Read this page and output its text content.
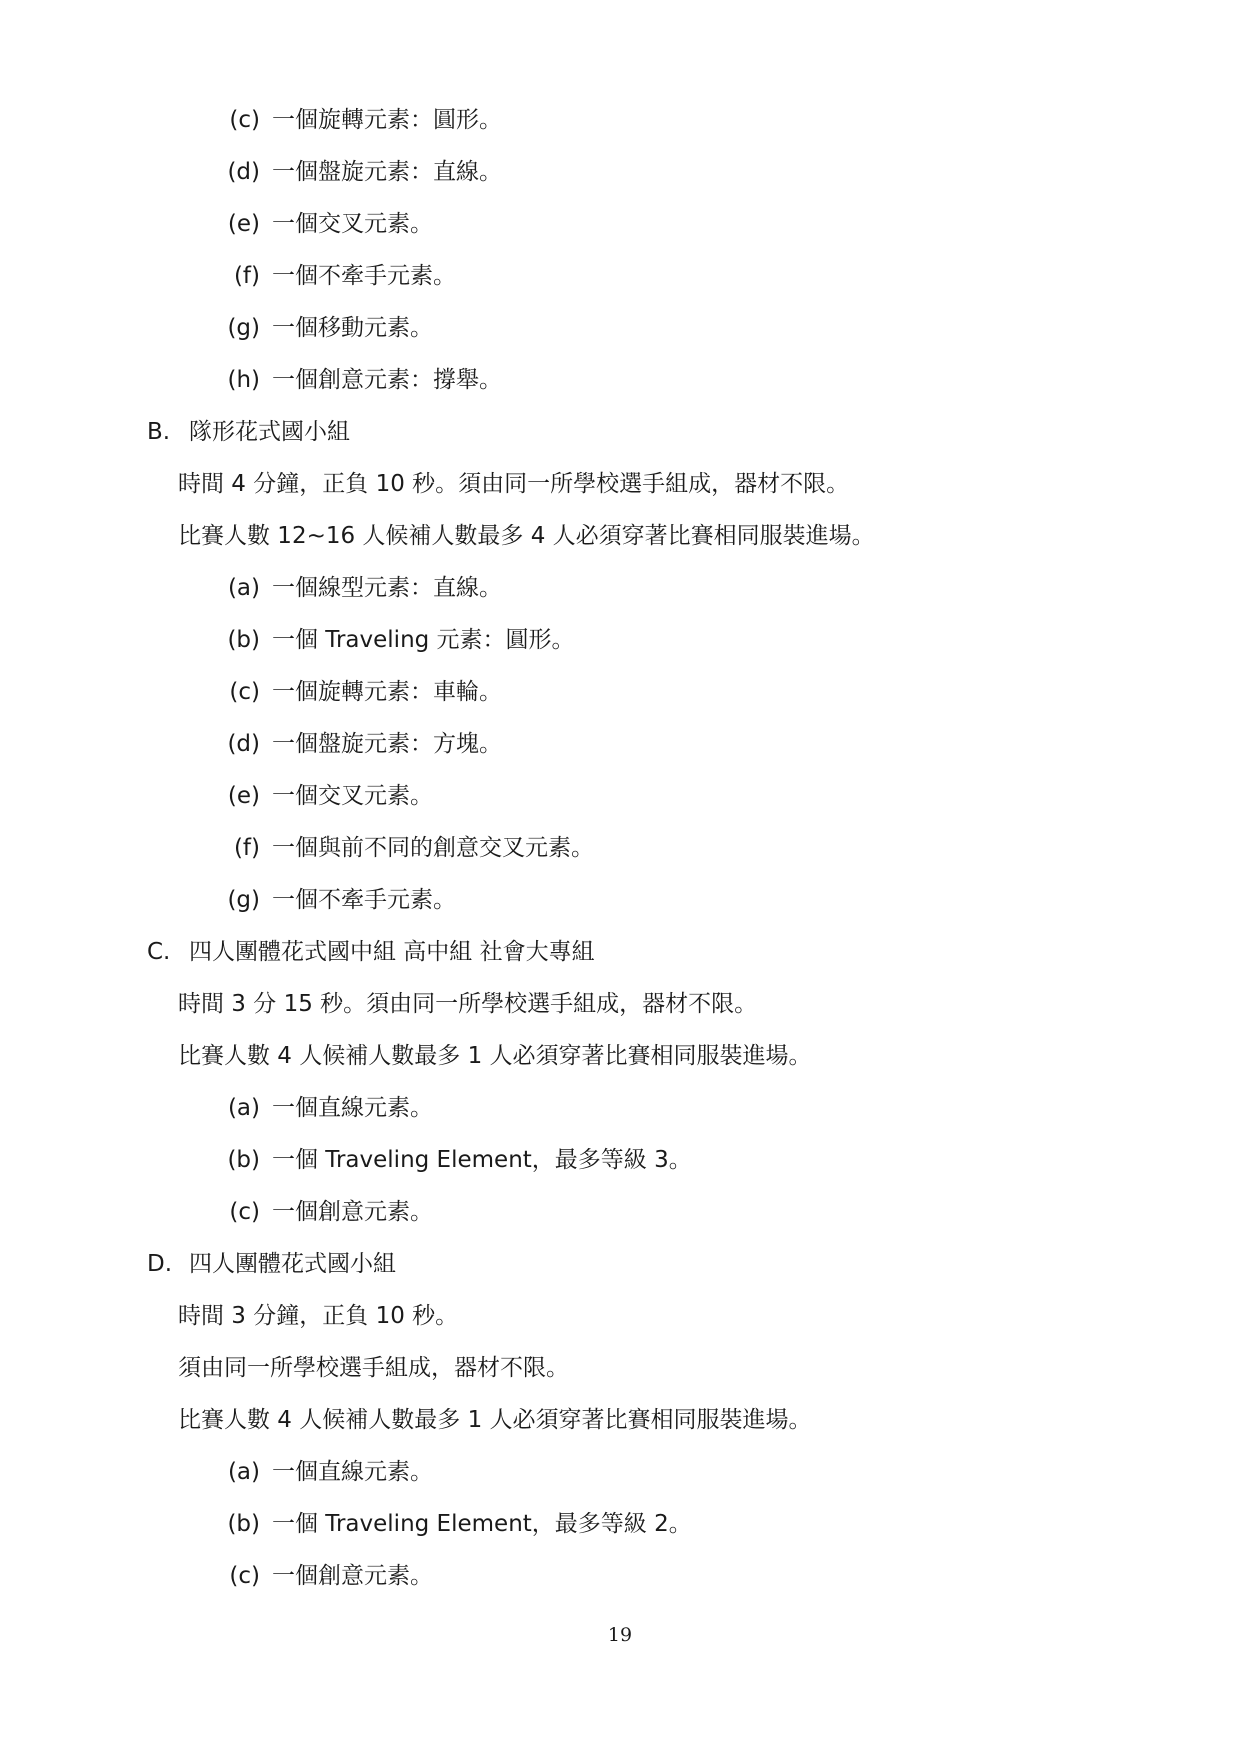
(c) 一個旋轉元素：圓形。
(d) 一個盤旋元素：直線。
(e) 一個交叉元素。
(f) 一個不牽手元素。
(g) 一個移動元素。
(h) 一個創意元素：撐舉。
B. 隊形花式國小組
時間 4 分鐘，正負 10 秒。須由同一所學校選手組成，器材不限。
比賽人數 12~16 人候補人數最多 4 人必須穿著比賽相同服裝進場。
(a) 一個線型元素：直線。
(b) 一個 Traveling 元素：圓形。
(c) 一個旋轉元素：車輪。
(d) 一個盤旋元素：方塊。
(e) 一個交叉元素。
(f) 一個與前不同的創意交叉元素。
(g) 一個不牽手元素。
C. 四人團體花式國中組 高中組 社會大專組
時間 3 分 15 秒。須由同一所學校選手組成，器材不限。
比賽人數 4 人候補人數最多 1 人必須穿著比賽相同服裝進場。
(a) 一個直線元素。
(b) 一個 Traveling Element，最多等級 3。
(c) 一個創意元素。
D. 四人團體花式國小組
時間 3 分鐘，正負 10 秒。
須由同一所學校選手組成，器材不限。
比賽人數 4 人候補人數最多 1 人必須穿著比賽相同服裝進場。
(a) 一個直線元素。
(b) 一個 Traveling Element，最多等級 2。
(c) 一個創意元素。
19
